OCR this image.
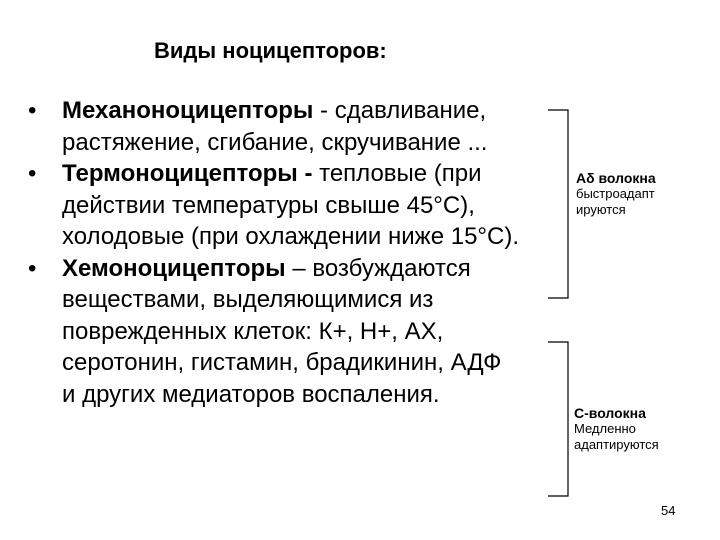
Виды ноцицепторов:
•	Механоноцицепторы - сдавливание,
растяжение, сгибание, скручивание ...
•	Термоноцицепторы - тепловые (при
действии температуры свыше 45°С),
холодовые (при охлаждении ниже 15°С).
•	Хемоноцицепторы – возбуждаются
веществами, выделяющимися из
поврежденных клеток: К+, Н+, АХ,
серотонин, гистамин, брадикинин, АДФ
и других медиаторов воспаления.
Аδ волокна
быстроадапт
ируются
С-волокна
Медленно
адаптируются
54
